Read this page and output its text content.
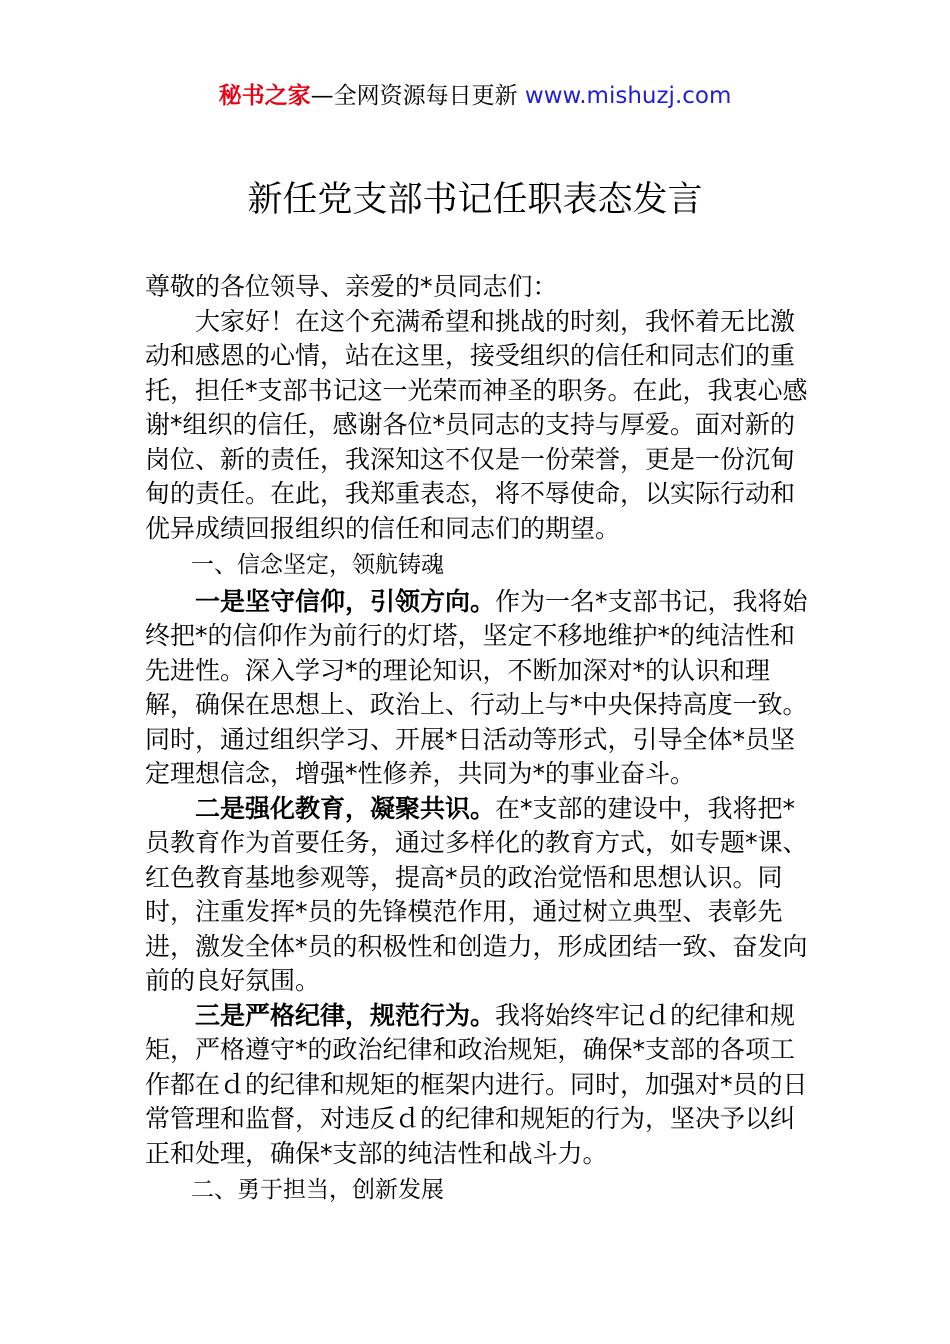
秘书之家—全网资源每日更新 www.mishuzj.com
新任党支部书记任职表态发言

尊敬的各位领导、亲爱的*员同志们：

大家好！在这个充满希望和挑战的时刻，我怀着无比激动和感恩的心情，站在这里，接受组织的信任和同志们的重托，担任*支部书记这一光荣而神圣的职务。在此，我衷心感谢*组织的信任，感谢各位*员同志的支持与厚爱。面对新的岗位、新的责任，我深知这不仅是一份荣誉，更是一份沉甸甸的责任。在此，我郑重表态，将不辱使命，以实际行动和优异成绩回报组织的信任和同志们的期望。

一、信念坚定，领航铸魂

一是坚守信仰，引领方向。作为一名*支部书记，我将始终把*的信仰作为前行的灯塔，坚定不移地维护*的纯洁性和先进性。深入学习*的理论知识，不断加深对*的认识和理解，确保在思想上、政治上、行动上与*中央保持高度一致。同时，通过组织学习、开展*日活动等形式，引导全体*员坚定理想信念，增强*性修养，共同为*的事业奋斗。

二是强化教育，凝聚共识。在*支部的建设中，我将把*员教育作为首要任务，通过多样化的教育方式，如专题*课、红色教育基地参观等，提高*员的政治觉悟和思想认识。同时，注重发挥*员的先锋模范作用，通过树立典型、表彰先进，激发全体*员的积极性和创造力，形成团结一致、奋发向前的良好氛围。

三是严格纪律，规范行为。我将始终牢记ｄ的纪律和规矩，严格遵守*的政治纪律和政治规矩，确保*支部的各项工作都在ｄ的纪律和规矩的框架内进行。同时，加强对*员的日常管理和监督，对违反ｄ的纪律和规矩的行为，坚决予以纠正和处理，确保*支部的纯洁性和战斗力。

二、勇于担当，创新发展
